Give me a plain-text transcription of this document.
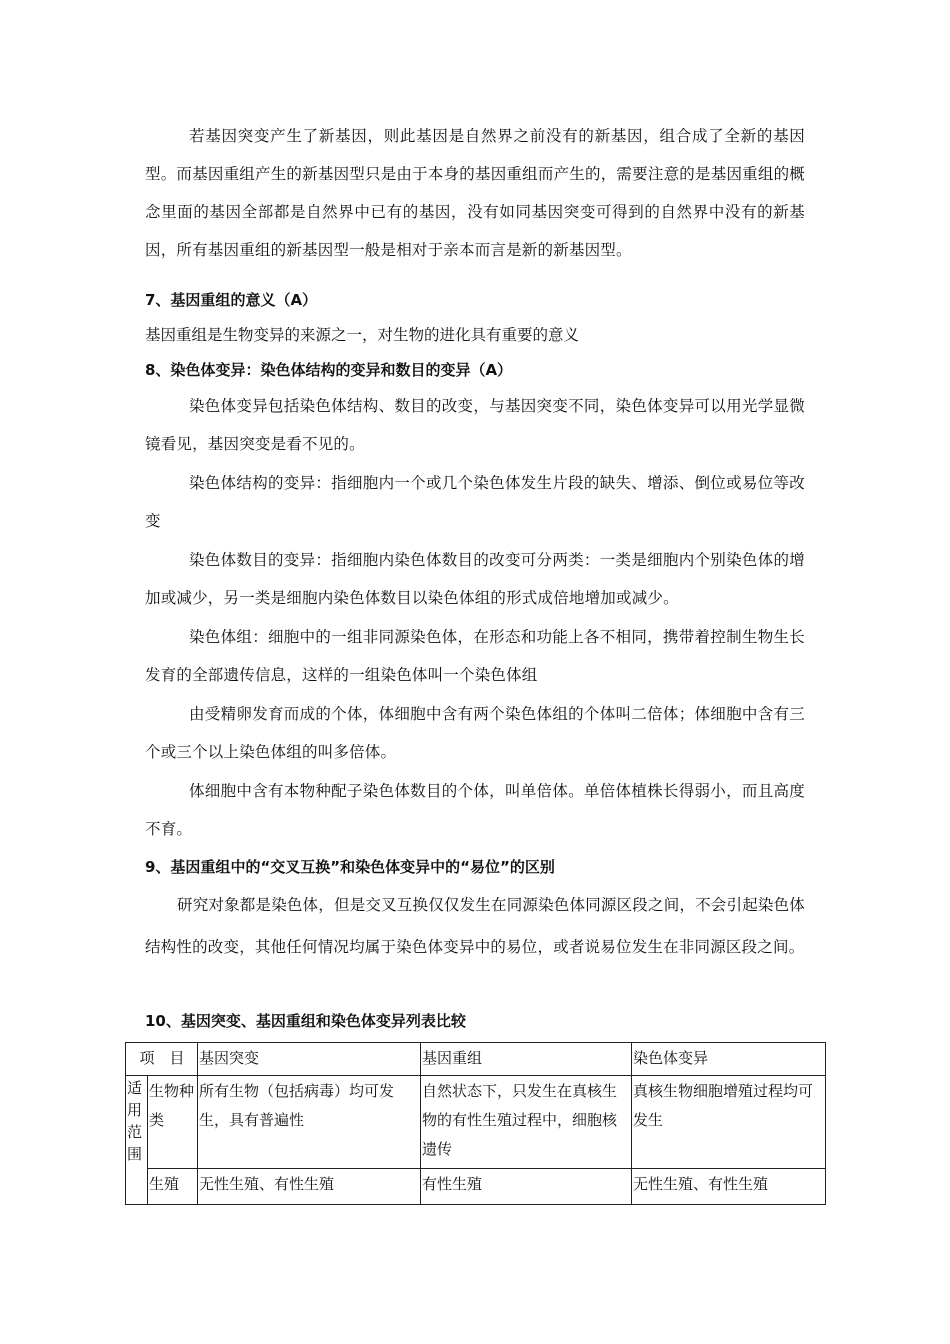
若基因突变产生了新基因，则此基因是自然界之前没有的新基因，组合成了全新的基因型。而基因重组产生的新基因型只是由于本身的基因重组而产生的，需要注意的是基因重组的概念里面的基因全部都是自然界中已有的基因，没有如同基因突变可得到的自然界中没有的新基因，所有基因重组的新基因型一般是相对于亲本而言是新的新基因型。
7、基因重组的意义（A）
基因重组是生物变异的来源之一，对生物的进化具有重要的意义
8、染色体变异：染色体结构的变异和数目的变异（A）
染色体变异包括染色体结构、数目的改变，与基因突变不同，染色体变异可以用光学显微镜看见，基因突变是看不见的。
染色体结构的变异：指细胞内一个或几个染色体发生片段的缺失、增添、倒位或易位等改变
染色体数目的变异：指细胞内染色体数目的改变可分两类：一类是细胞内个别染色体的增加或减少，另一类是细胞内染色体数目以染色体组的形式成倍地增加或减少。
染色体组：细胞中的一组非同源染色体，在形态和功能上各不相同，携带着控制生物生长发育的全部遗传信息，这样的一组染色体叫一个染色体组
由受精卵发育而成的个体，体细胞中含有两个染色体组的个体叫二倍体；体细胞中含有三个或三个以上染色体组的叫多倍体。
体细胞中含有本物种配子染色体数目的个体，叫单倍体。单倍体植株长得弱小，而且高度不育。
9、基因重组中的“交叉互换”和染色体变异中的“易位”的区别
研究对象都是染色体，但是交叉互换仅仅发生在同源染色体同源区段之间，不会引起染色体结构性的改变，其他任何情况均属于染色体变异中的易位，或者说易位发生在非同源区段之间。
10、基因突变、基因重组和染色体变异列表比较
项　目		基因突变	基因重组	染色体变异

适用范围	生物种类	所有生物（包括病毒）均可发生，具有普遍性	自然状态下，只发生在真核生物的有性生殖过程中，细胞核遗传	真核生物细胞增殖过程均可发生
	生殖	无性生殖、有性生殖	有性生殖	无性生殖、有性生殖
